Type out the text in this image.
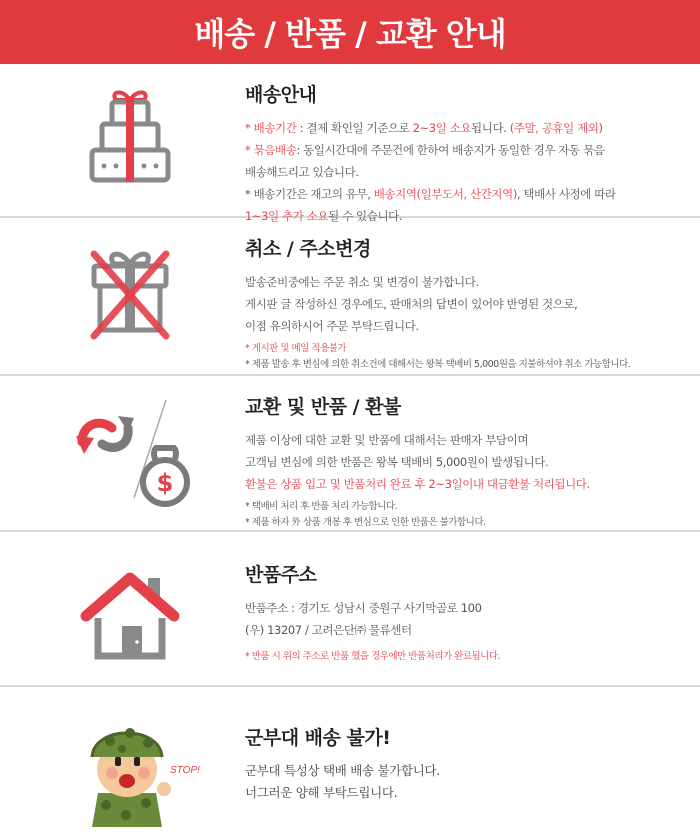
배송 / 반품 / 교환 안내
배송안내
* 배송기간 : 결제 확인일 기준으로 2~3일 소요됩니다. (주말, 공휴일 제외)
* 묶음배송: 동일시간대에 주문건에 한하여 배송지가 동일한 경우 자동 묶음
배송해드리고 있습니다.
* 배송기간은 재고의 유무, 배송지역(일부도서, 산간지역), 택배사 사정에 따라
1~3일 추가 소요될 수 있습니다.
취소 / 주소변경
발송준비중에는 주문 취소 및 변경이 불가합니다.
게시판 글 작성하신 경우에도, 판매처의 답변이 있어야 반영된 것으로,
이점 유의하시어 주문 부탁드립니다.
* 게시판 및 메일 적용불가
* 제품 발송 후 변심에 의한 취소건에 대해서는 왕복 택배비 5,000원을 지불하셔야 취소 가능합니다.
$
교환 및 반품 / 환불
제품 이상에 대한 교환 및 반품에 대해서는 판매자 부담이며
고객님 변심에 의한 반품은 왕복 택배비 5,000원이 발생됩니다.
환불은 상품 입고 및 반품처리 완료 후 2~3일이내 대금환불 처리됩니다.
* 택배비 처리 후 반품 처리 가능합니다.
* 제품 하자 外 상품 개봉 후 변심으로 인한 반품은 불가합니다.
반품주소
반품주소 : 경기도 성남시 중원구 사기막골로 100
(우) 13207 / 고려은단㈜ 물류센터
* 반품 시 위의 주소로 반품 했을 경우에만 반품처리가 완료됩니다.
STOP!
군부대 배송 불가!
군부대 특성상 택배 배송 불가합니다.
너그러운 양해 부탁드립니다.
